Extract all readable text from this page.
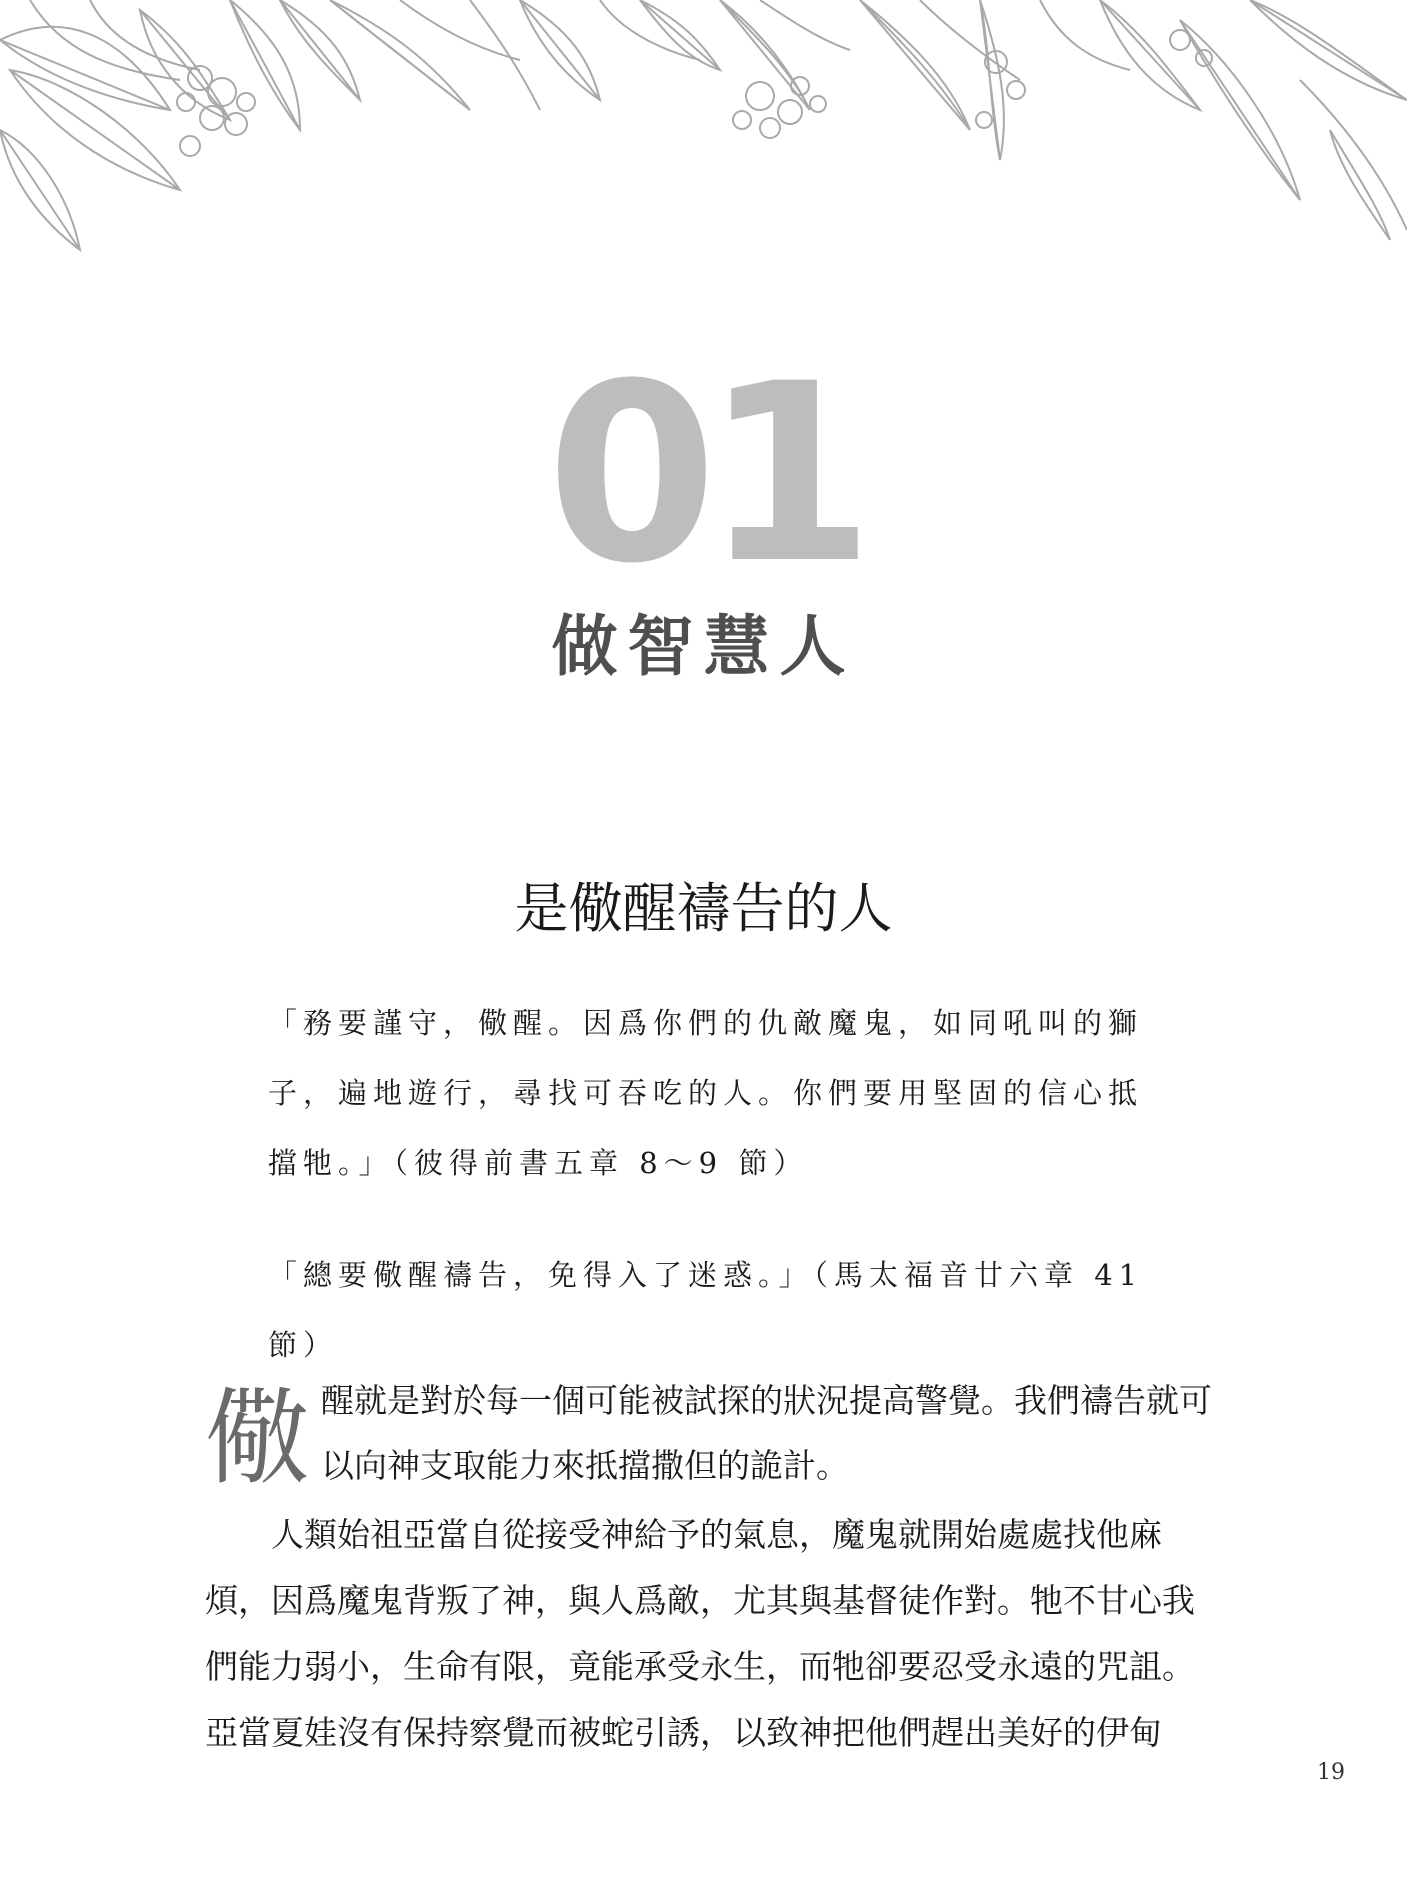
01
做智慧人
是儆醒禱告的人
「務要謹守，儆醒。因爲你們的仇敵魔鬼，如同吼叫的獅子，遍地遊行，尋找可吞吃的人。你們要用堅固的信心抵擋牠。」（彼得前書五章 8～9 節）
「總要儆醒禱告，免得入了迷惑。」（馬太福音廿六章 41 節）
儆 醒就是對於每一個可能被試探的狀況提高警覺。我們禱告就可以向神支取能力來抵擋撒但的詭計。
人類始祖亞當自從接受神給予的氣息，魔鬼就開始處處找他麻煩，因爲魔鬼背叛了神，與人爲敵，尤其與基督徒作對。牠不甘心我們能力弱小，生命有限，竟能承受永生，而牠卻要忍受永遠的咒詛。亞當夏娃沒有保持察覺而被蛇引誘，以致神把他們趕出美好的伊甸
19
